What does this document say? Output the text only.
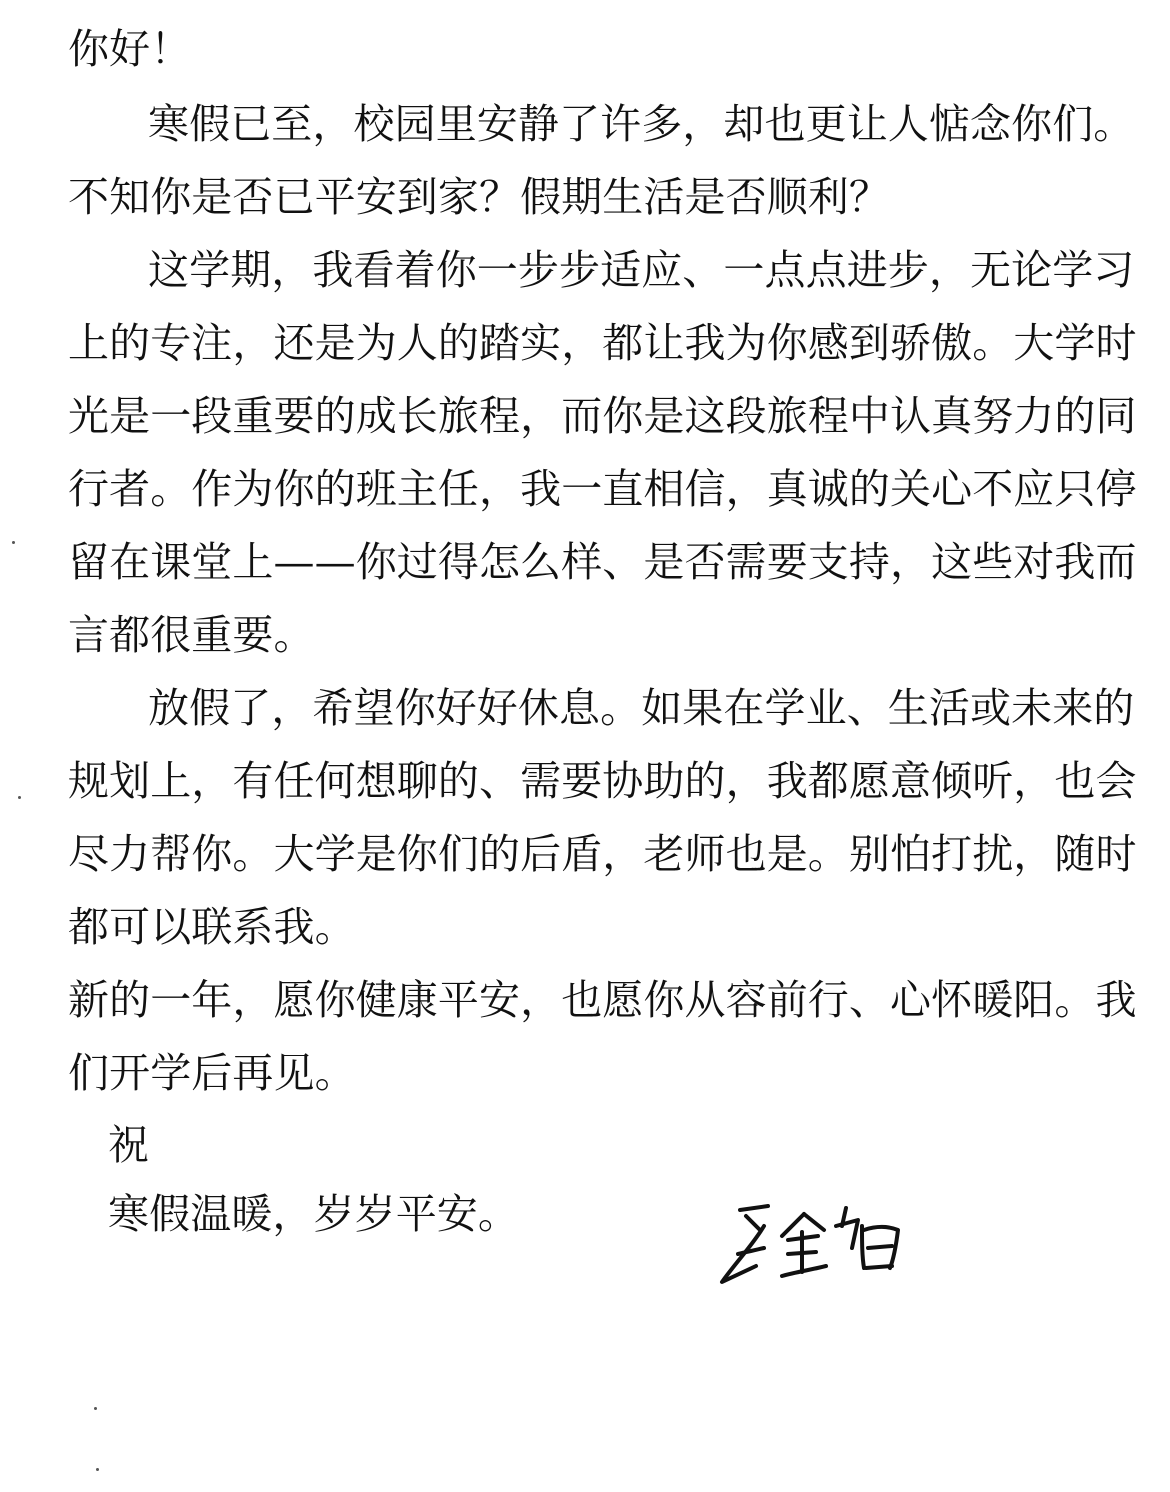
你好！
寒假已至，校园里安静了许多，却也更让人惦念你们。
不知你是否已平安到家？假期生活是否顺利？
这学期，我看着你一步步适应、一点点进步，无论学习
上的专注，还是为人的踏实，都让我为你感到骄傲。大学时
光是一段重要的成长旅程，而你是这段旅程中认真努力的同
行者。作为你的班主任，我一直相信，真诚的关心不应只停
留在课堂上——你过得怎么样、是否需要支持，这些对我而
言都很重要。
放假了，希望你好好休息。如果在学业、生活或未来的
规划上，有任何想聊的、需要协助的，我都愿意倾听，也会
尽力帮你。大学是你们的后盾，老师也是。别怕打扰，随时
都可以联系我。
新的一年，愿你健康平安，也愿你从容前行、心怀暖阳。我
们开学后再见。
祝
寒假温暖，岁岁平安。
